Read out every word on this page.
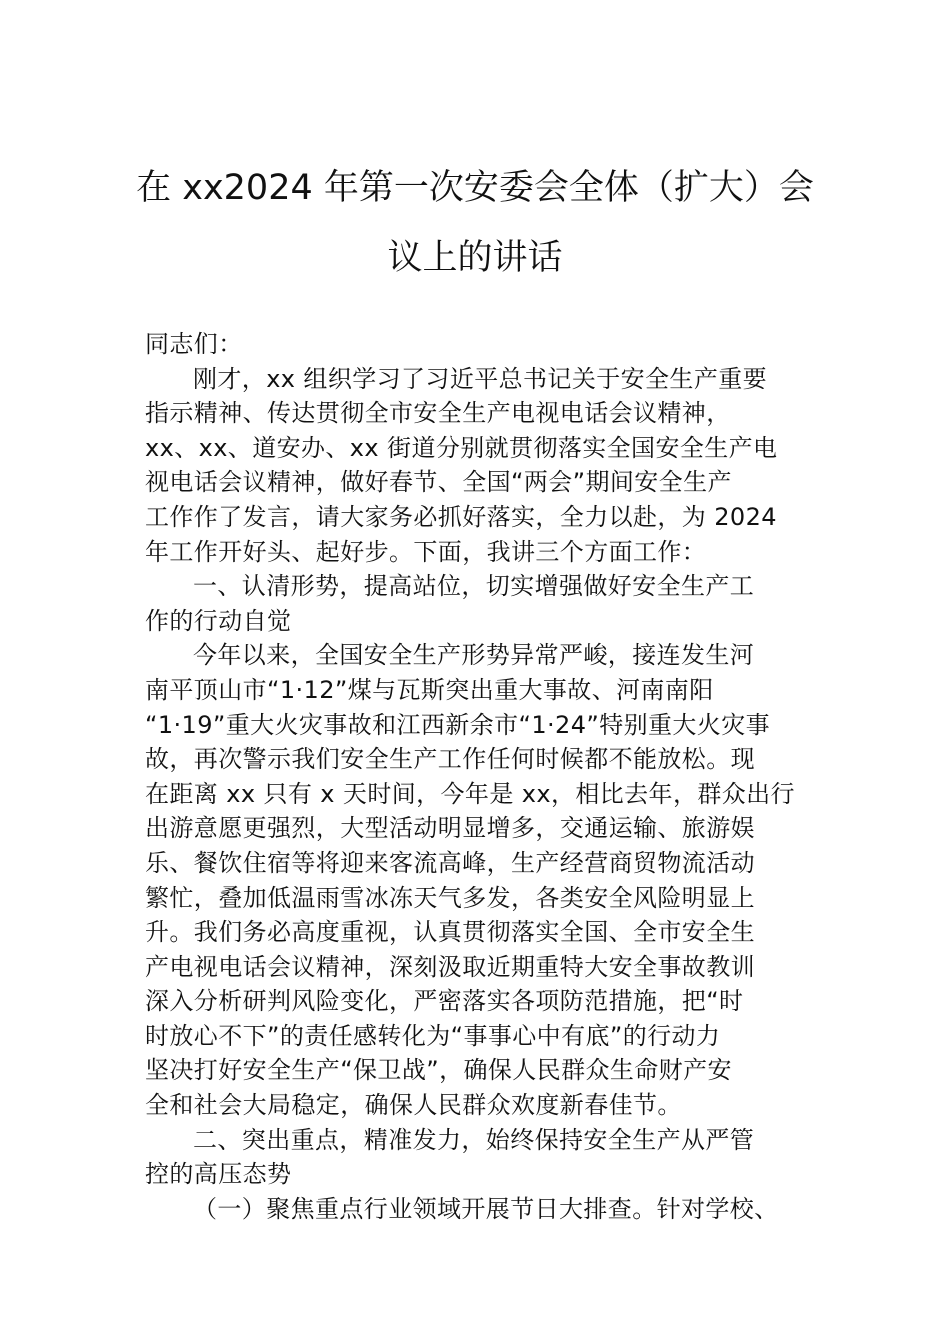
在 xx2024 年第一次安委会全体（扩大）会
议上的讲话
同志们：
刚才，xx 组织学习了习近平总书记关于安全生产重要
指示精神、传达贯彻全市安全生产电视电话会议精神，
xx、xx、道安办、xx 街道分别就贯彻落实全国安全生产电
视电话会议精神，做好春节、全国“两会”期间安全生产
工作作了发言，请大家务必抓好落实，全力以赴，为 2024
年工作开好头、起好步。下面，我讲三个方面工作：
一、认清形势，提高站位，切实增强做好安全生产工
作的行动自觉
今年以来，全国安全生产形势异常严峻，接连发生河
南平顶山市“1·12”煤与瓦斯突出重大事故、河南南阳
“1·19”重大火灾事故和江西新余市“1·24”特别重大火灾事
故，再次警示我们安全生产工作任何时候都不能放松。现
在距离 xx 只有 x 天时间，今年是 xx，相比去年，群众出行
出游意愿更强烈，大型活动明显增多，交通运输、旅游娱
乐、餐饮住宿等将迎来客流高峰，生产经营商贸物流活动
繁忙，叠加低温雨雪冰冻天气多发，各类安全风险明显上
升。我们务必高度重视，认真贯彻落实全国、全市安全生
产电视电话会议精神，深刻汲取近期重特大安全事故教训
深入分析研判风险变化，严密落实各项防范措施，把“时
时放心不下”的责任感转化为“事事心中有底”的行动力
坚决打好安全生产“保卫战”，确保人民群众生命财产安
全和社会大局稳定，确保人民群众欢度新春佳节。
二、突出重点，精准发力，始终保持安全生产从严管
控的高压态势
（一）聚焦重点行业领域开展节日大排查。针对学校、
